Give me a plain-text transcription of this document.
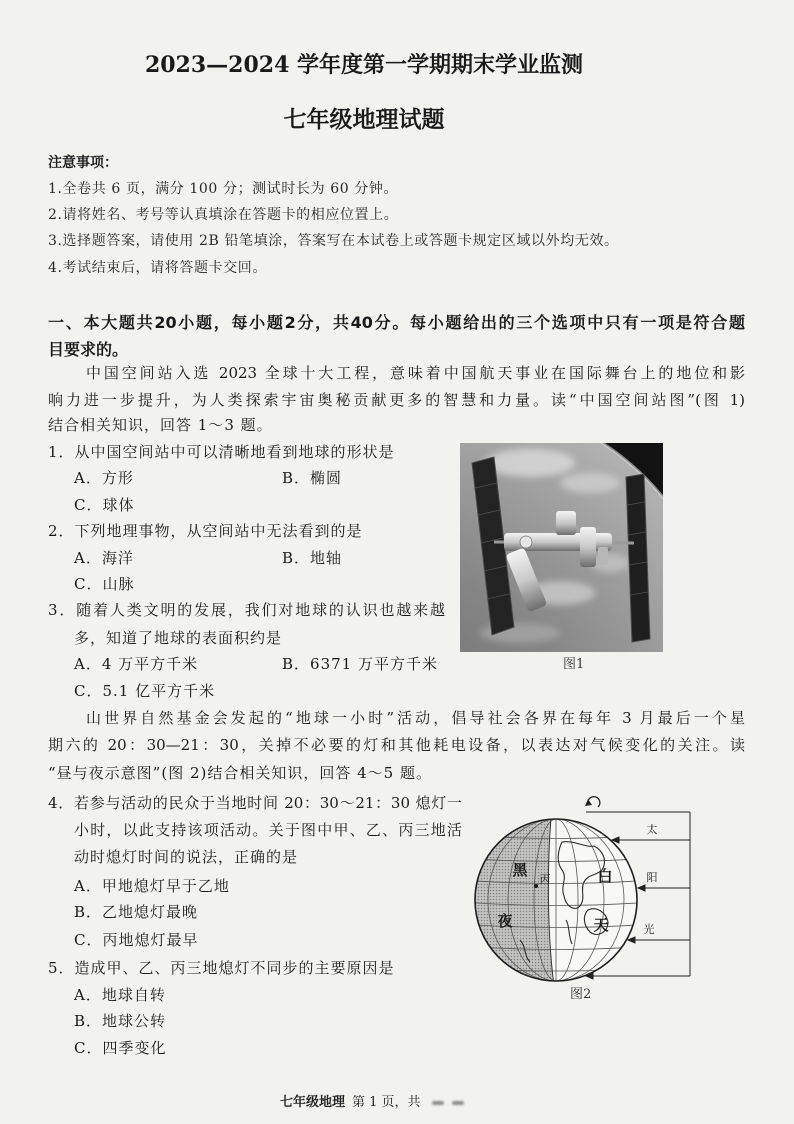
2023—2024 学年度第一学期期末学业监测
七年级地理试题
注意事项：
1.全卷共 6 页，满分 100 分；测试时长为 60 分钟。
2.请将姓名、考号等认真填涂在答题卡的相应位置上。
3.选择题答案，请使用 2B 铅笔填涂，答案写在本试卷上或答题卡规定区域以外均无效。
4.考试结束后，请将答题卡交回。
一、本大题共20小题，每小题2分，共40分。每小题给出的三个选项中只有一项是符合题
目要求的。
中国空间站入选 2023 全球十大工程，意味着中国航天事业在国际舞台上的地位和影
响力进一步提升，为人类探索宇宙奥秘贡献更多的智慧和力量。读“中国空间站图”(图 1)
结合相关知识，回答 1～3 题。
1．从中国空间站中可以清晰地看到地球的形状是
A．方形	B．椭圆
C．球体
2．下列地理事物，从空间站中无法看到的是
A．海洋	B．地轴
C．山脉
3．随着人类文明的发展，我们对地球的认识也越来越
多，知道了地球的表面积约是
A．4 万平方千米	B．6371 万平方千米
C．5.1 亿平方千米
图1
山世界自然基金会发起的“地球一小时”活动，倡导社会各界在每年 3 月最后一个星
期六的 20：30—21：30，关掉不必要的灯和其他耗电设备，以表达对气候变化的关注。读
“昼与夜示意图”(图 2)结合相关知识，回答 4～5 题。
4．若参与活动的民众于当地时间 20：30～21：30 熄灯一
小时，以此支持该项活动。关于图中甲、乙、丙三地活
动时熄灯时间的说法，正确的是
A．甲地熄灯早于乙地
B．乙地熄灯最晚
C．丙地熄灯最早
5．造成甲、乙、丙三地熄灯不同步的主要原因是
A．地球自转
B．地球公转
C．四季变化
黑
夜
白
天
丙
太
阳
光
图2
七年级地理 第 1 页，共
